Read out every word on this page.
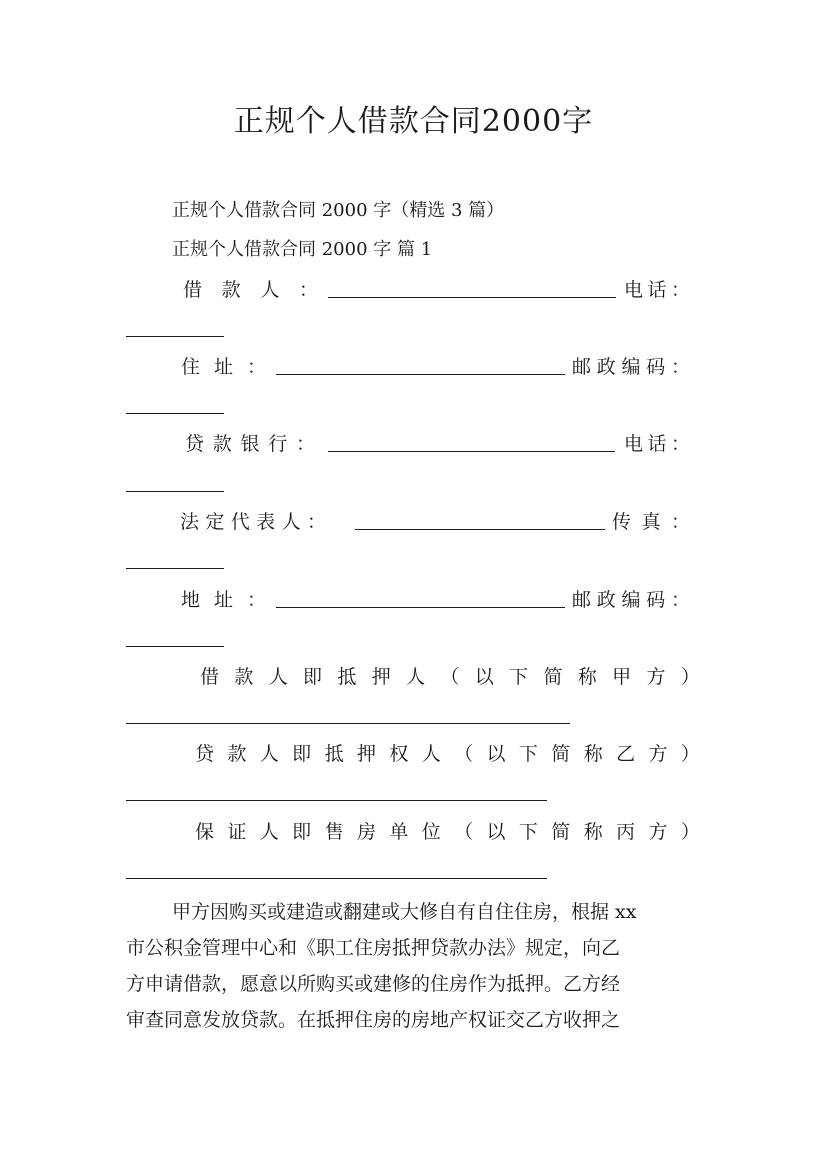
正规个人借款合同2000字
正规个人借款合同 2000 字（精选 3 篇）
正规个人借款合同 2000 字 篇 1
借 款 人 ：	电 话 ：
住 址 ：	邮 政 编 码 ：
贷 款 银 行 ：	电 话 ：
法 定 代 表 人 ：	传 真 ：
地 址 ：	邮 政 编 码 ：
借 款 人 即 抵 押 人 （ 以 下 简 称 甲 方 ）
贷 款 人 即 抵 押 权 人 （ 以 下 简 称 乙 方 ）
保 证 人 即 售 房 单 位 （ 以 下 简 称 丙 方 ）
甲方因购买或建造或翻建或大修自有自住住房，根据 xx
市公积金管理中心和《职工住房抵押贷款办法》规定，向乙
方申请借款，愿意以所购买或建修的住房作为抵押。乙方经
审查同意发放贷款。在抵押住房的房地产权证交乙方收押之
